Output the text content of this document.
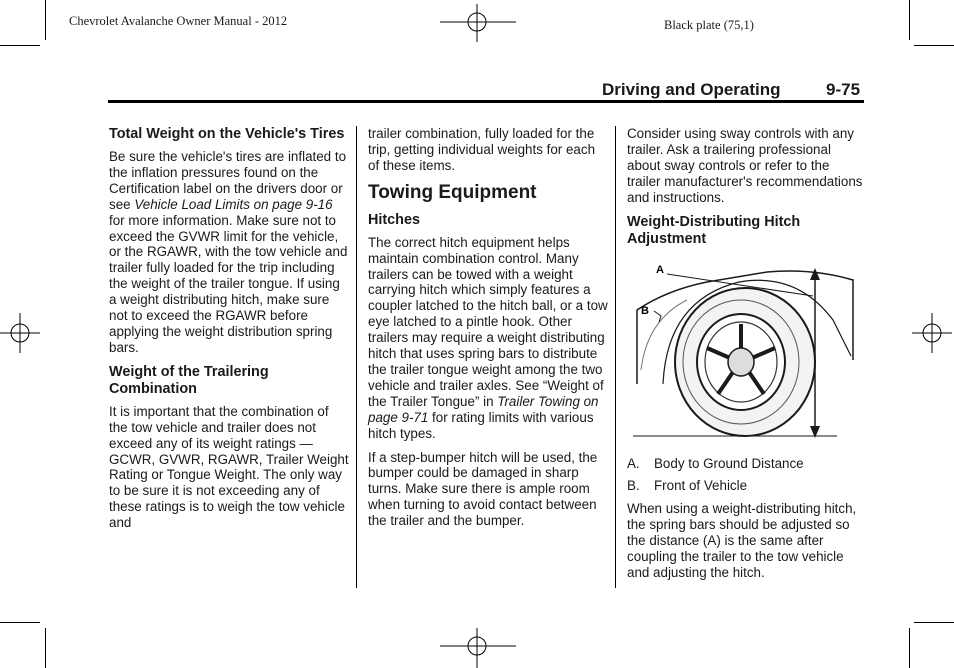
Chevrolet Avalanche Owner Manual - 2012	Black plate (75,1)
Driving and Operating	9-75
Total Weight on the Vehicle's Tires

Be sure the vehicle's tires are inflated to the inflation pressures found on the Certification label on the drivers door or see Vehicle Load Limits on page 9-16 for more information. Make sure not to exceed the GVWR limit for the vehicle, or the RGAWR, with the tow vehicle and trailer fully loaded for the trip including the weight of the trailer tongue. If using a weight distributing hitch, make sure not to exceed the RGAWR before applying the weight distribution spring bars.

Weight of the Trailering Combination

It is important that the combination of the tow vehicle and trailer does not exceed any of its weight ratings — GCWR, GVWR, RGAWR, Trailer Weight Rating or Tongue Weight. The only way to be sure it is not exceeding any of these ratings is to weigh the tow vehicle and

trailer combination, fully loaded for the trip, getting individual weights for each of these items.

Towing Equipment
Hitches

The correct hitch equipment helps maintain combination control. Many trailers can be towed with a weight carrying hitch which simply features a coupler latched to the hitch ball, or a tow eye latched to a pintle hook. Other trailers may require a weight distributing hitch that uses spring bars to distribute the trailer tongue weight among the two vehicle and trailer axles. See “Weight of the Trailer Tongue” in Trailer Towing on page 9-71 for rating limits with various hitch types.

If a step-bumper hitch will be used, the bumper could be damaged in sharp turns. Make sure there is ample room when turning to avoid contact between the trailer and the bumper.

Consider using sway controls with any trailer. Ask a trailering professional about sway controls or refer to the trailer manufacturer's recommendations and instructions.

Weight-Distributing Hitch Adjustment
A
B
A.	Body to Ground Distance
B.	Front of Vehicle

When using a weight-distributing hitch, the spring bars should be adjusted so the distance (A) is the same after coupling the trailer to the tow vehicle and adjusting the hitch.
